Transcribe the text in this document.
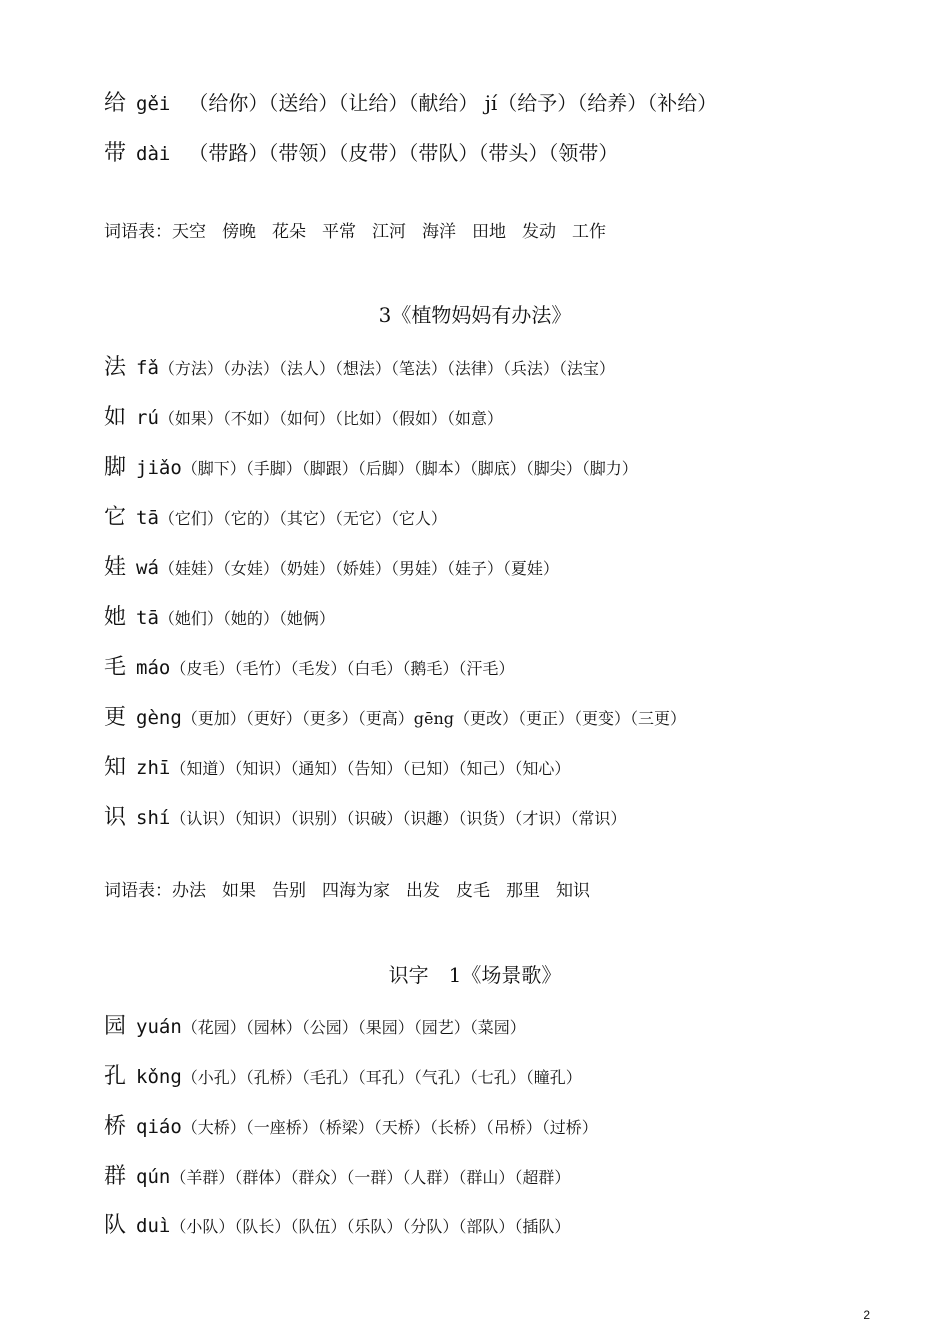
给 gěi （给你）（送给）（让给）（献给） jí（给予）（给养）（补给）
带 dài （带路）（带领）（皮带）（带队）（带头）（领带）
词语表：天空 傍晚 花朵 平常 江河 海洋 田地 发动 工作
3《植物妈妈有办法》
法 fǎ（方法）（办法）（法人）（想法）（笔法）（法律）（兵法）（法宝）
如 rú（如果）（不如）（如何）（比如）（假如）（如意）
脚 jiǎo（脚下）（手脚）（脚跟）（后脚）（脚本）（脚底）（脚尖）（脚力）
它 tā（它们）（它的）（其它）（无它）（它人）
娃 wá（娃娃）（女娃）（奶娃）（娇娃）（男娃）（娃子）（夏娃）
她 tā（她们）（她的）（她俩）
毛 máo（皮毛）（毛竹）（毛发）（白毛）（鹅毛）（汗毛）
更 gèng（更加）（更好）（更多）（更高）gēng（更改）（更正）（更变）（三更）
知 zhī（知道）（知识）（通知）（告知）（已知）（知己）（知心）
识 shí（认识）（知识）（识别）（识破）（识趣）（识货）（才识）（常识）
词语表：办法 如果 告别 四海为家 出发 皮毛 那里 知识
识字　1《场景歌》
园 yuán（花园）（园林）（公园）（果园）（园艺）（菜园）
孔 kǒng（小孔）（孔桥）（毛孔）（耳孔）（气孔）（七孔）（瞳孔）
桥 qiáo（大桥）（一座桥）（桥梁）（天桥）（长桥）（吊桥）（过桥）
群 qún（羊群）（群体）（群众）（一群）（人群）（群山）（超群）
队 duì（小队）（队长）（队伍）（乐队）（分队）（部队）（插队）
2
